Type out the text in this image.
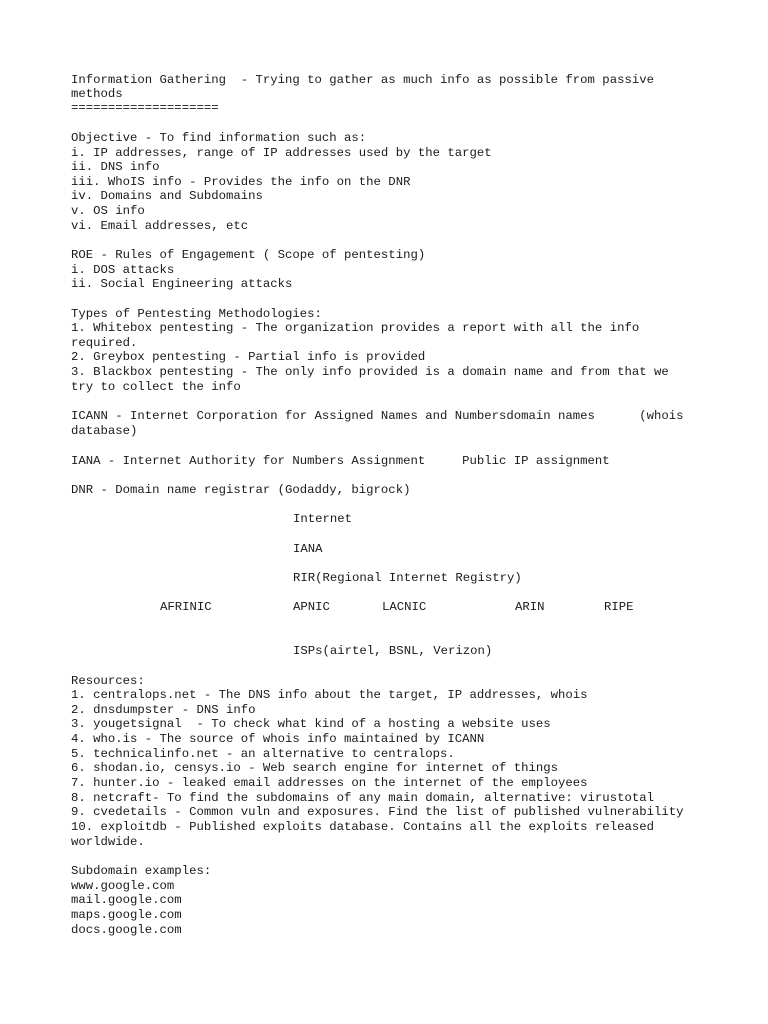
Information Gathering  - Trying to gather as much info as possible from passive
methods
====================
Objective - To find information such as:
i. IP addresses, range of IP addresses used by the target
ii. DNS info
iii. WhoIS info - Provides the info on the DNR
iv. Domains and Subdomains
v. OS info
vi. Email addresses, etc
ROE - Rules of Engagement ( Scope of pentesting)
i. DOS attacks
ii. Social Engineering attacks
Types of Pentesting Methodologies:
1. Whitebox pentesting - The organization provides a report with all the info
required.
2. Greybox pentesting - Partial info is provided
3. Blackbox pentesting - The only info provided is a domain name and from that we
try to collect the info
ICANN - Internet Corporation for Assigned Names and Numbersdomain names      (whois
database)
IANA - Internet Authority for Numbers Assignment     Public IP assignment
DNR - Domain name registrar (Godaddy, bigrock)
Internet
IANA
RIR(Regional Internet Registry)
AFRINIC	APNIC	LACNIC	ARIN	RIPE
ISPs(airtel, BSNL, Verizon)
Resources:
1. centralops.net - The DNS info about the target, IP addresses, whois
2. dnsdumpster - DNS info
3. yougetsignal  - To check what kind of a hosting a website uses
4. who.is - The source of whois info maintained by ICANN
5. technicalinfo.net - an alternative to centralops.
6. shodan.io, censys.io - Web search engine for internet of things
7. hunter.io - leaked email addresses on the internet of the employees
8. netcraft- To find the subdomains of any main domain, alternative: virustotal
9. cvedetails - Common vuln and exposures. Find the list of published vulnerability
10. exploitdb - Published exploits database. Contains all the exploits released
worldwide.
Subdomain examples:
www.google.com
mail.google.com
maps.google.com
docs.google.com
